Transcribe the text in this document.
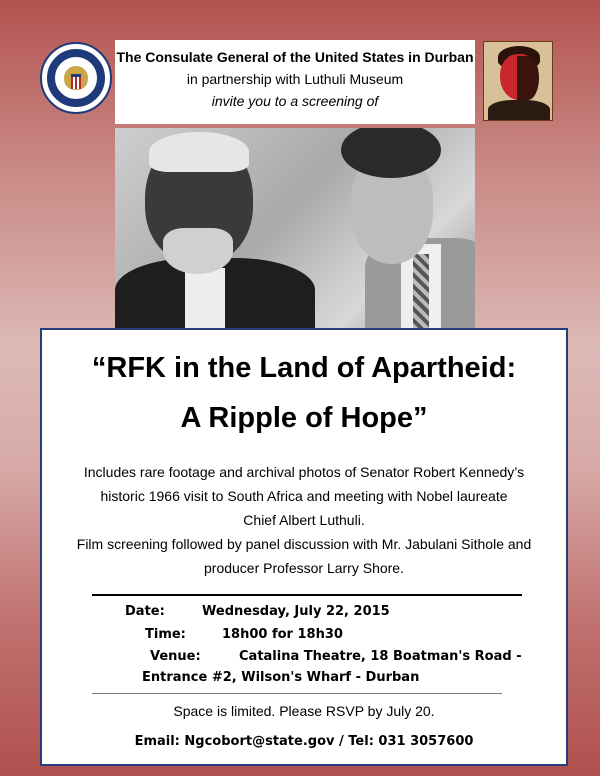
The Consulate General of the United States in Durban
in partnership with Luthuli Museum
invite you to a screening of
“RFK in the Land of Apartheid:
A Ripple of Hope”
Includes rare footage and archival photos of Senator Robert Kennedy’s
historic 1966 visit to South Africa and meeting with Nobel laureate
Chief Albert Luthuli.
Film screening followed by panel discussion with Mr. Jabulani Sithole and
producer Professor Larry Shore.
Date:	Wednesday, July 22, 2015
Time:	18h00 for 18h30
Venue:	Catalina Theatre, 18 Boatman's Road -
Entrance #2, Wilson's Wharf - Durban
Space is limited. Please RSVP by July 20.
Email: Ngcobort@state.gov / Tel: 031 3057600
